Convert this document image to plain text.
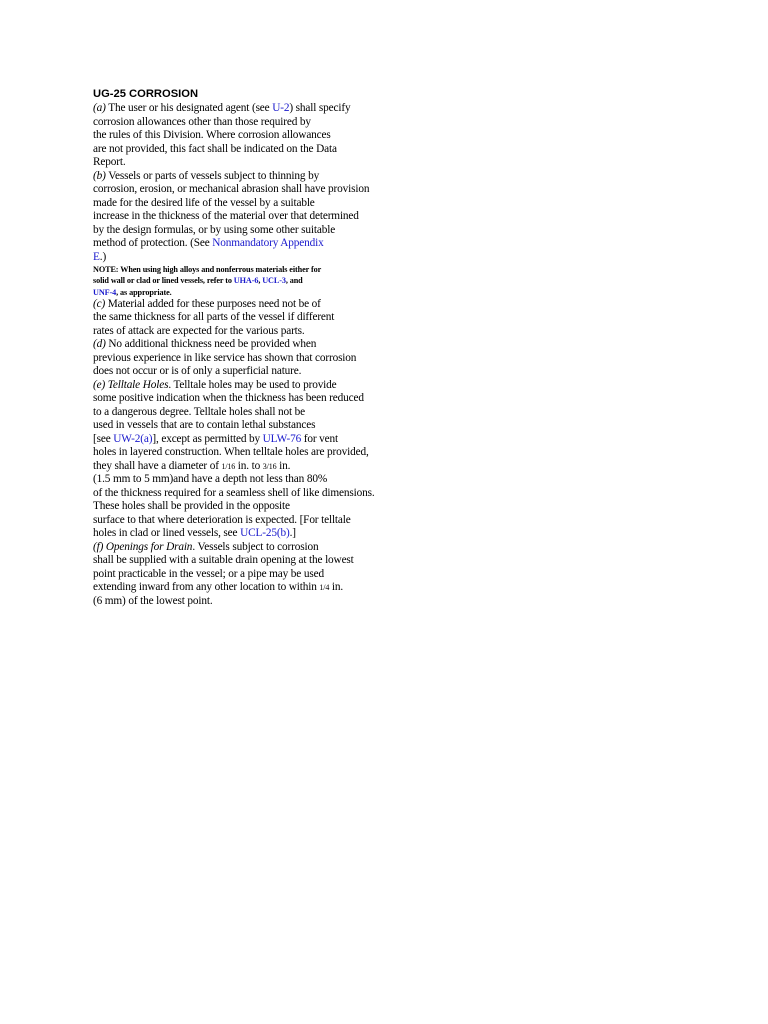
UG-25 CORROSION
(a) The user or his designated agent (see U-2) shall specify
corrosion allowances other than those required by
the rules of this Division. Where corrosion allowances
are not provided, this fact shall be indicated on the Data
Report.
(b) Vessels or parts of vessels subject to thinning by
corrosion, erosion, or mechanical abrasion shall have provision
made for the desired life of the vessel by a suitable
increase in the thickness of the material over that determined
by the design formulas, or by using some other suitable
method of protection. (See Nonmandatory Appendix
E.)
NOTE: When using high alloys and nonferrous materials either for
solid wall or clad or lined vessels, refer to UHA-6, UCL-3, and
UNF-4, as appropriate.
(c) Material added for these purposes need not be of
the same thickness for all parts of the vessel if different
rates of attack are expected for the various parts.
(d) No additional thickness need be provided when
previous experience in like service has shown that corrosion
does not occur or is of only a superficial nature.
(e) Telltale Holes. Telltale holes may be used to provide
some positive indication when the thickness has been reduced
to a dangerous degree. Telltale holes shall not be
used in vessels that are to contain lethal substances
[see UW-2(a)], except as permitted by ULW-76 for vent
holes in layered construction. When telltale holes are provided,
they shall have a diameter of 1/16 in. to 3/16 in.
(1.5 mm to 5 mm)and have a depth not less than 80%
of the thickness required for a seamless shell of like dimensions.
These holes shall be provided in the opposite
surface to that where deterioration is expected. [For telltale
holes in clad or lined vessels, see UCL-25(b).]
(f) Openings for Drain. Vessels subject to corrosion
shall be supplied with a suitable drain opening at the lowest
point practicable in the vessel; or a pipe may be used
extending inward from any other location to within 1/4 in.
(6 mm) of the lowest point.
